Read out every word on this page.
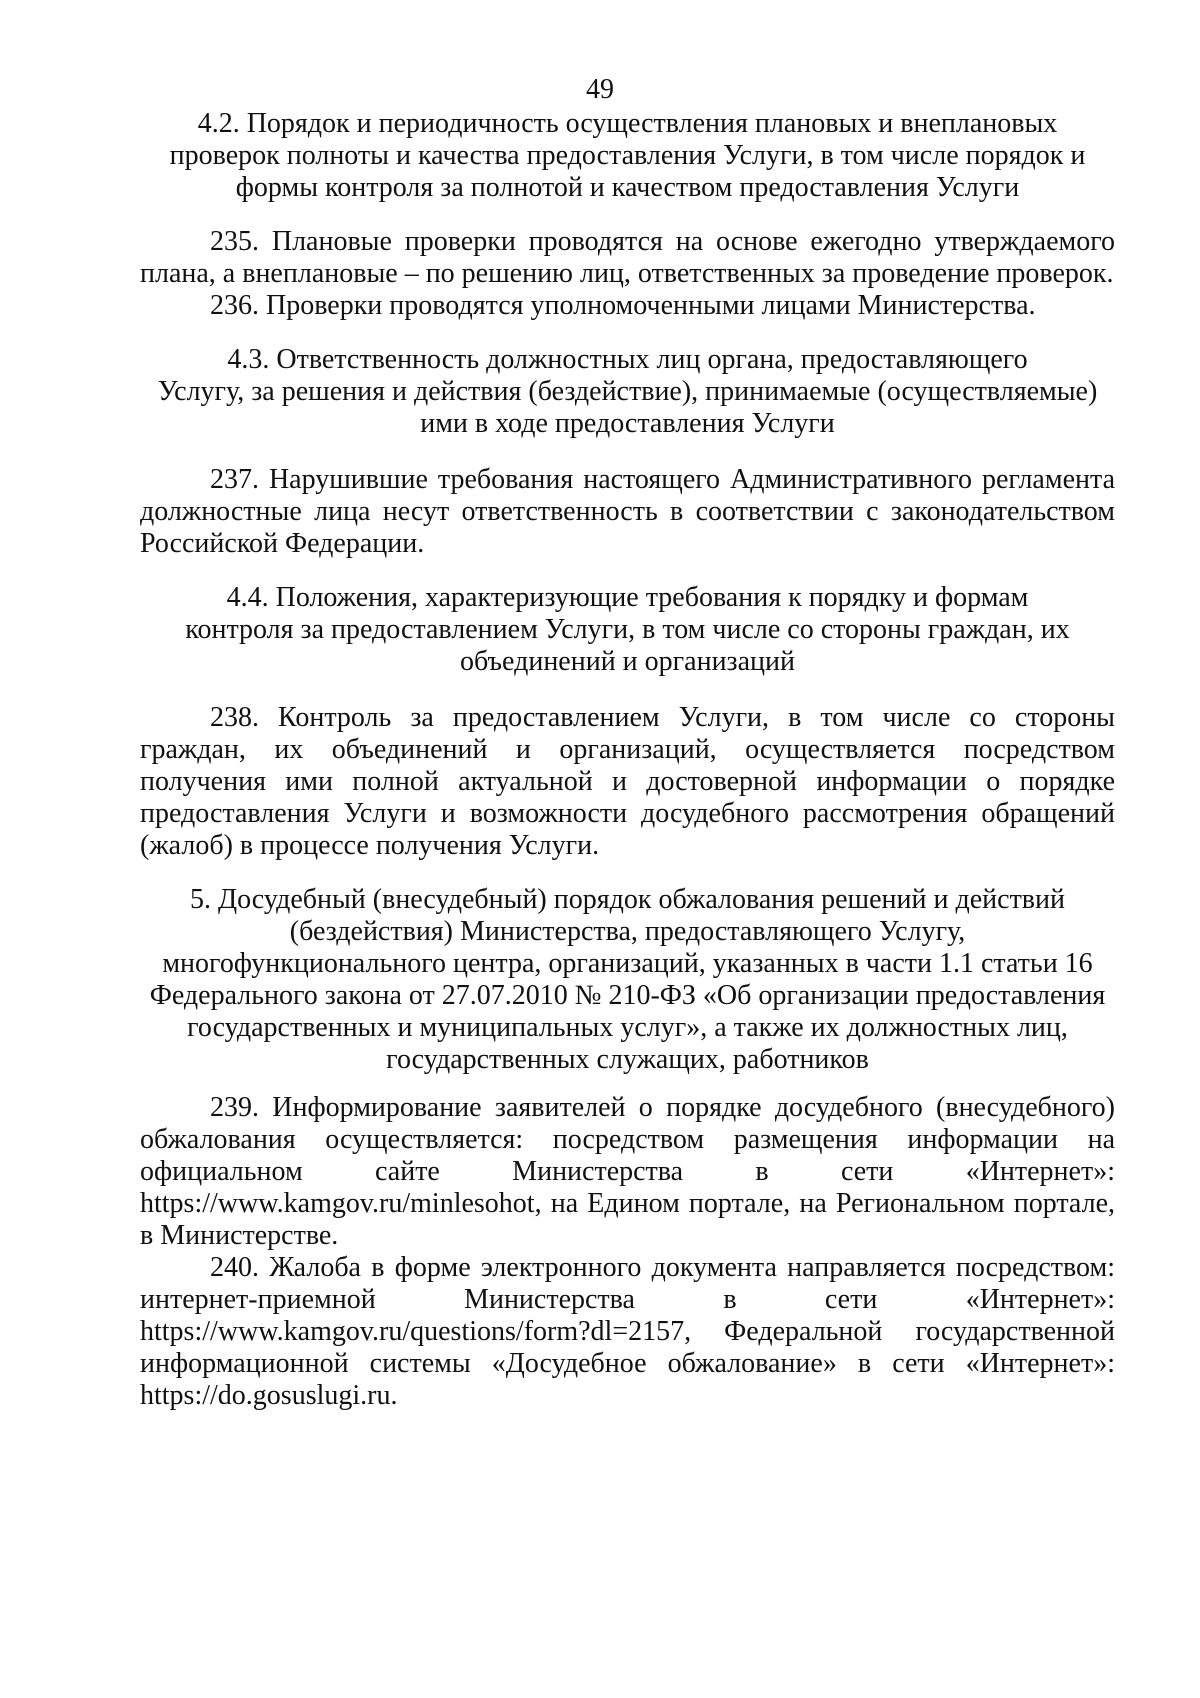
49
4.2. Порядок и периодичность осуществления плановых и внеплановых
проверок полноты и качества предоставления Услуги, в том числе порядок и
формы контроля за полнотой и качеством предоставления Услуги

235. Плановые проверки проводятся на основе ежегодно утверждаемого плана, а внеплановые – по решению лиц, ответственных за проведение проверок.

236. Проверки проводятся уполномоченными лицами Министерства.

4.3. Ответственность должностных лиц органа, предоставляющего
Услугу, за решения и действия (бездействие), принимаемые (осуществляемые)
ими в ходе предоставления Услуги

237. Нарушившие требования настоящего Административного регламента должностные лица несут ответственность в соответствии с законодательством Российской Федерации.

4.4. Положения, характеризующие требования к порядку и формам
контроля за предоставлением Услуги, в том числе со стороны граждан, их
объединений и организаций

238. Контроль за предоставлением Услуги, в том числе со стороны граждан, их объединений и организаций, осуществляется посредством получения ими полной актуальной и достоверной информации о порядке предоставления Услуги и возможности досудебного рассмотрения обращений (жалоб) в процессе получения Услуги.

5. Досудебный (внесудебный) порядок обжалования решений и действий
(бездействия) Министерства, предоставляющего Услугу,
многофункционального центра, организаций, указанных в части 1.1 статьи 16
Федерального закона от 27.07.2010 № 210-ФЗ «Об организации предоставления
государственных и муниципальных услуг», а также их должностных лиц,
государственных служащих, работников

239. Информирование заявителей о порядке досудебного (внесудебного) обжалования осуществляется: посредством размещения информации на официальном сайте Министерства в сети «Интернет»: https://www.kamgov.ru/minlesohot, на Едином портале, на Региональном портале, в Министерстве.

240. Жалоба в форме электронного документа направляется посредством: интернет-приемной Министерства в сети «Интернет»: https://www.kamgov.ru/questions/form?dl=2157, Федеральной государственной информационной системы «Досудебное обжалование» в сети «Интернет»: https://do.gosuslugi.ru.
